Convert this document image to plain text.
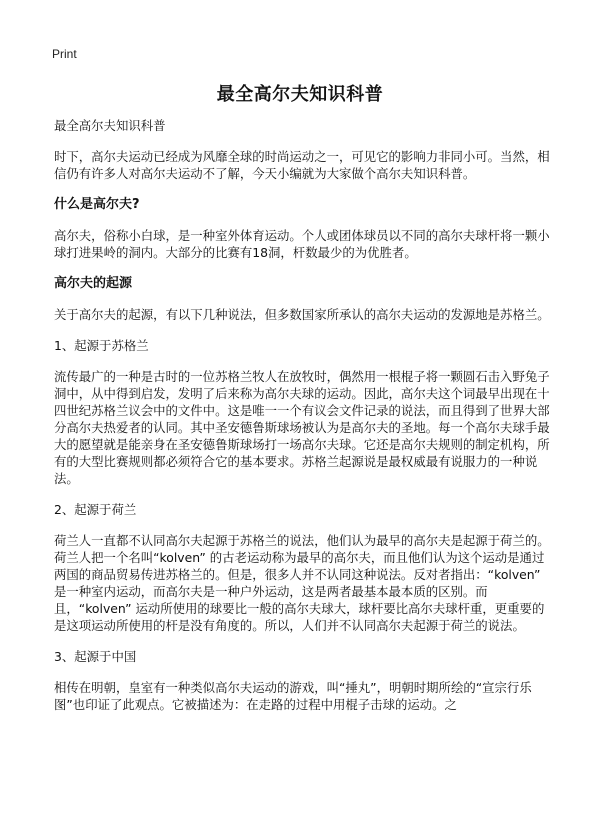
Print
最全高尔夫知识科普

最全高尔夫知识科普

时下，高尔夫运动已经成为风靡全球的时尚运动之一，可见它的影响力非同小可。当然，相信仍有许多人对高尔夫运动不了解，今天小编就为大家做个高尔夫知识科普。

什么是高尔夫?

高尔夫，俗称小白球，是一种室外体育运动。个人或团体球员以不同的高尔夫球杆将一颗小球打进果岭的洞内。大部分的比赛有18洞，杆数最少的为优胜者。

高尔夫的起源

关于高尔夫的起源，有以下几种说法，但多数国家所承认的高尔夫运动的发源地是苏格兰。

1、起源于苏格兰

流传最广的一种是古时的一位苏格兰牧人在放牧时，偶然用一根棍子将一颗圆石击入野兔子洞中，从中得到启发，发明了后来称为高尔夫球的运动。因此，高尔夫这个词最早出现在十四世纪苏格兰议会中的文件中。这是唯一一个有议会文件记录的说法，而且得到了世界大部分高尔夫热爱者的认同。其中圣安德鲁斯球场被认为是高尔夫的圣地。每一个高尔夫球手最大的愿望就是能亲身在圣安德鲁斯球场打一场高尔夫球。它还是高尔夫规则的制定机构，所有的大型比赛规则都必须符合它的基本要求。苏格兰起源说是最权威最有说服力的一种说法。

2、起源于荷兰

荷兰人一直都不认同高尔夫起源于苏格兰的说法，他们认为最早的高尔夫是起源于荷兰的。荷兰人把一个名叫“kolven” 的古老运动称为最早的高尔夫，而且他们认为这个运动是通过两国的商品贸易传进苏格兰的。但是，很多人并不认同这种说法。反对者指出：“kolven” 是一种室内运动，而高尔夫是一种户外运动，这是两者最基本最本质的区别。而且，“kolven” 运动所使用的球要比一般的高尔夫球大，球杆要比高尔夫球杆重，更重要的是这项运动所使用的杆是没有角度的。所以，人们并不认同高尔夫起源于荷兰的说法。

3、起源于中国

相传在明朝，皇室有一种类似高尔夫运动的游戏，叫“捶丸”，明朝时期所绘的“宣宗行乐图”也印证了此观点。它被描述为：在走路的过程中用棍子击球的运动。之
